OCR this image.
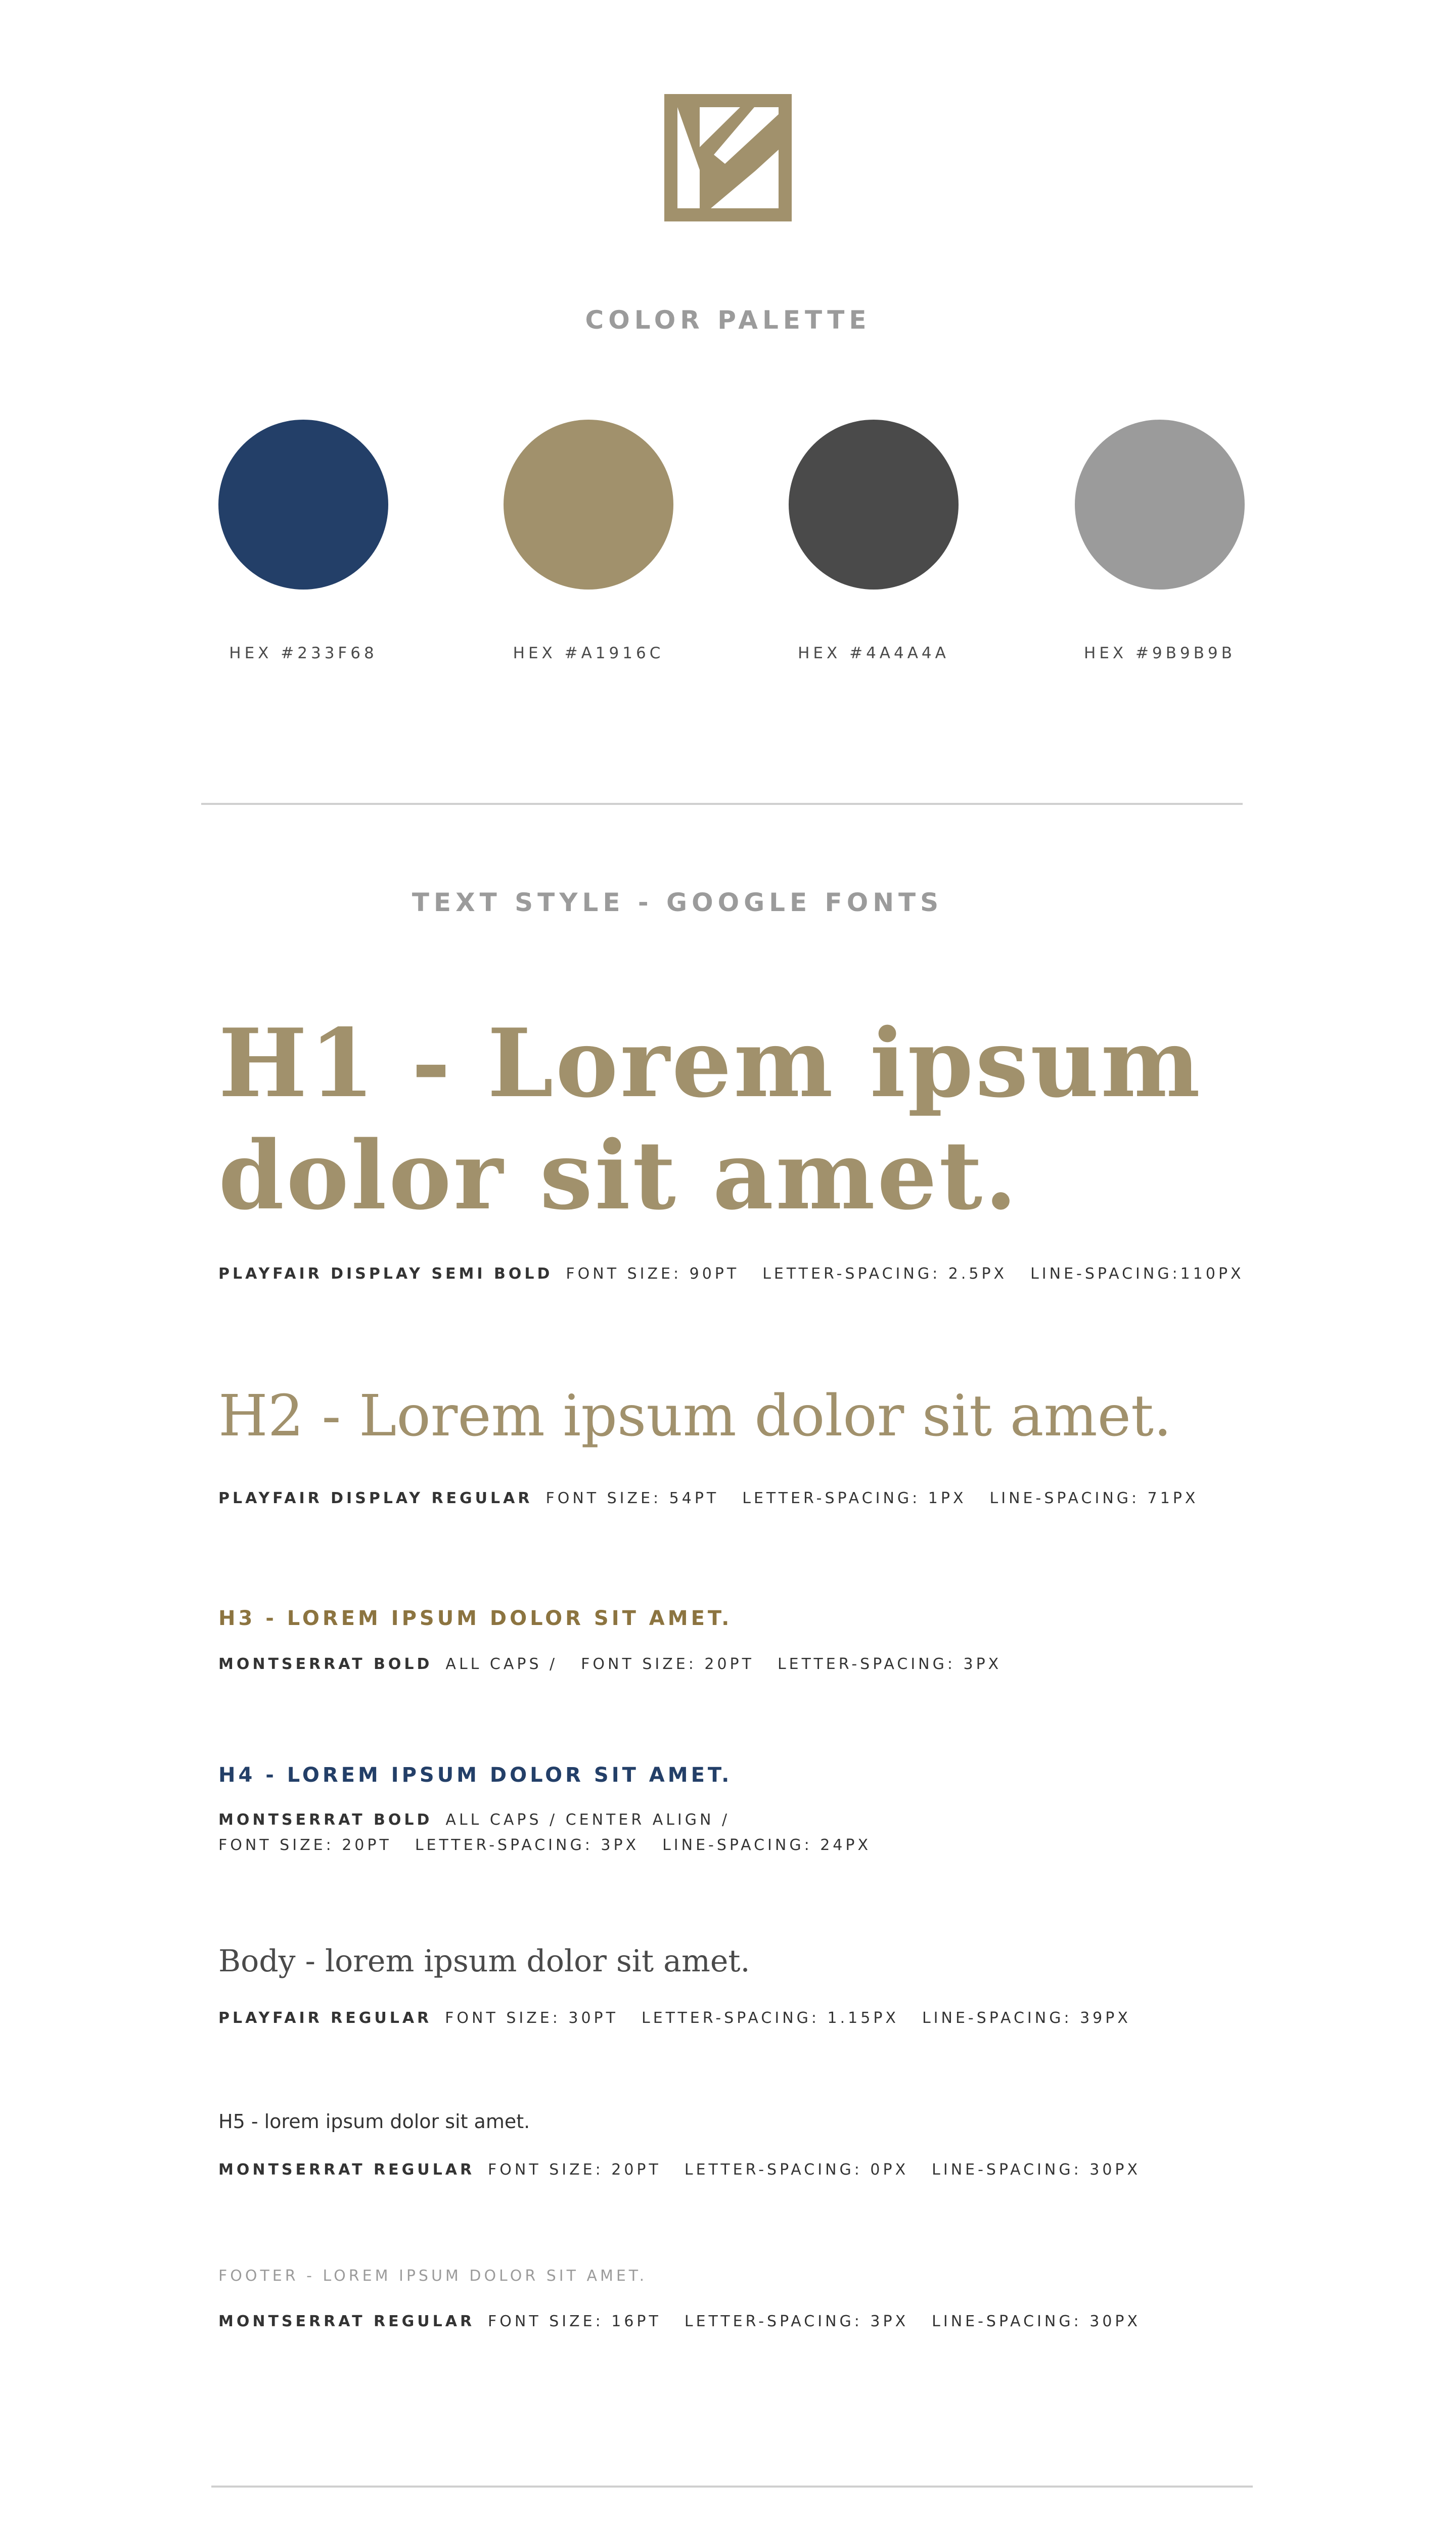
COLOR PALETTE
HEX #233F68	HEX #A1916C	HEX #4A4A4A	HEX #9B9B9B
TEXT STYLE - GOOGLE FONTS
H1 - Lorem ipsum
dolor sit amet.
PLAYFAIR DISPLAY SEMI BOLD FONT SIZE: 90PT LETTER-SPACING: 2.5PX LINE-SPACING:110PX
H2 - Lorem ipsum dolor sit amet.
PLAYFAIR DISPLAY REGULAR FONT SIZE: 54PT LETTER-SPACING: 1PX LINE-SPACING: 71PX
H3 - LOREM IPSUM DOLOR SIT AMET.
MONTSERRAT BOLD ALL CAPS / FONT SIZE: 20PT LETTER-SPACING: 3PX
H4 - LOREM IPSUM DOLOR SIT AMET.
MONTSERRAT BOLD ALL CAPS / CENTER ALIGN /
FONT SIZE: 20PT LETTER-SPACING: 3PX LINE-SPACING: 24PX
Body - lorem ipsum dolor sit amet.
PLAYFAIR REGULAR FONT SIZE: 30PT LETTER-SPACING: 1.15PX LINE-SPACING: 39PX
H5 - lorem ipsum dolor sit amet.
MONTSERRAT REGULAR FONT SIZE: 20PT LETTER-SPACING: 0PX LINE-SPACING: 30PX
FOOTER - LOREM IPSUM DOLOR SIT AMET.
MONTSERRAT REGULAR FONT SIZE: 16PT LETTER-SPACING: 3PX LINE-SPACING: 30PX
